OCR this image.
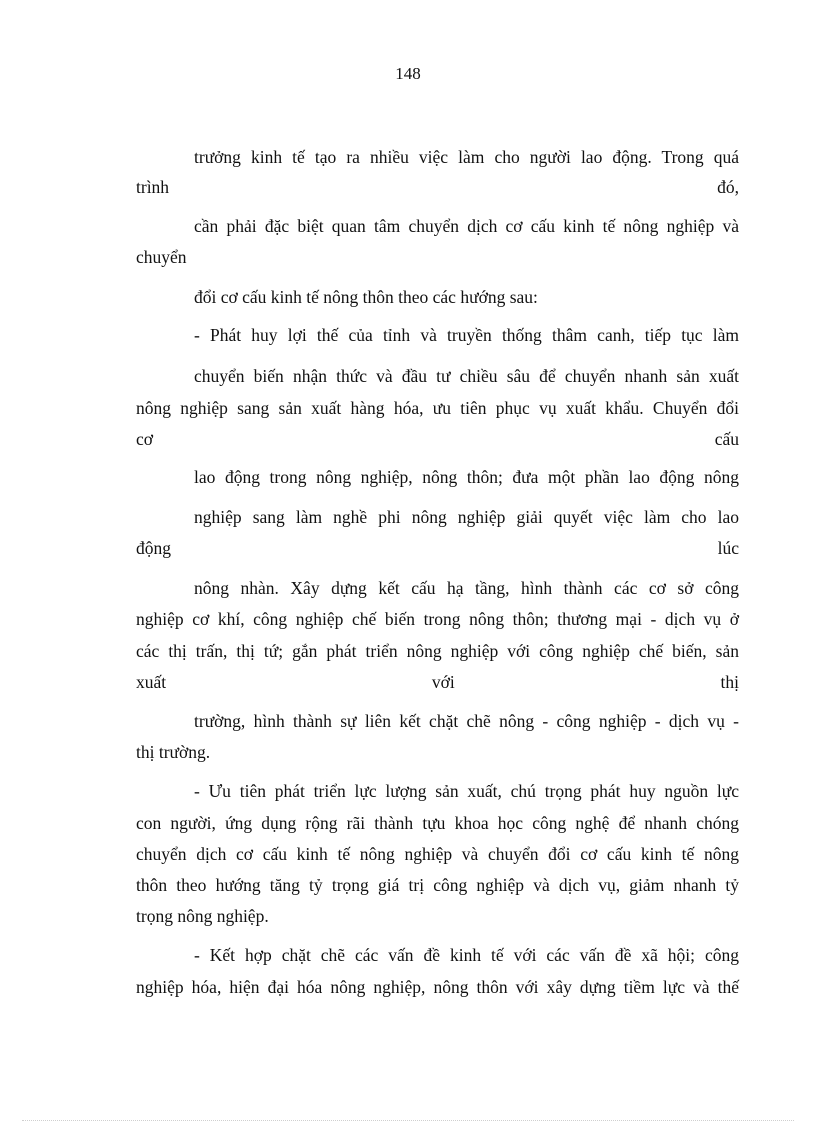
148
trưởng kinh tế tạo ra nhiều việc làm cho người lao động. Trong quá
trình đó,
cần phải đặc biệt quan tâm chuyển dịch cơ cấu kinh tế nông nghiệp và
chuyển
đổi cơ cấu kinh tế nông thôn theo các hướng sau:
- Phát huy lợi thế của tỉnh và truyền thống thâm canh, tiếp tục làm
chuyển biến nhận thức và đầu tư chiều sâu để chuyển nhanh sản xuất
nông nghiệp sang sản xuất hàng hóa, ưu tiên phục vụ xuất khẩu. Chuyển đổi
cơ cấu
lao động trong nông nghiệp, nông thôn; đưa một phần lao động nông
nghiệp sang làm nghề phi nông nghiệp giải quyết việc làm cho lao
động lúc
nông nhàn. Xây dựng kết cấu hạ tầng, hình thành các cơ sở công
nghiệp cơ khí, công nghiệp chế biến trong nông thôn; thương mại - dịch vụ ở
các thị trấn, thị tứ; gắn phát triển nông nghiệp với công nghiệp chế biến, sản
xuất với thị
trường, hình thành sự liên kết chặt chẽ nông - công nghiệp - dịch vụ -
thị trường.
- Ưu tiên phát triển lực lượng sản xuất, chú trọng phát huy nguồn lực
con người, ứng dụng rộng rãi thành tựu khoa học công nghệ để nhanh chóng
chuyển dịch cơ cấu kinh tế nông nghiệp và chuyển đổi cơ cấu kinh tế nông
thôn theo hướng tăng tỷ trọng giá trị công nghiệp và dịch vụ, giảm nhanh tỷ
trọng nông nghiệp.
- Kết hợp chặt chẽ các vấn đề kinh tế với các vấn đề xã hội; công
nghiệp hóa, hiện đại hóa nông nghiệp, nông thôn với xây dựng tiềm lực và thế
